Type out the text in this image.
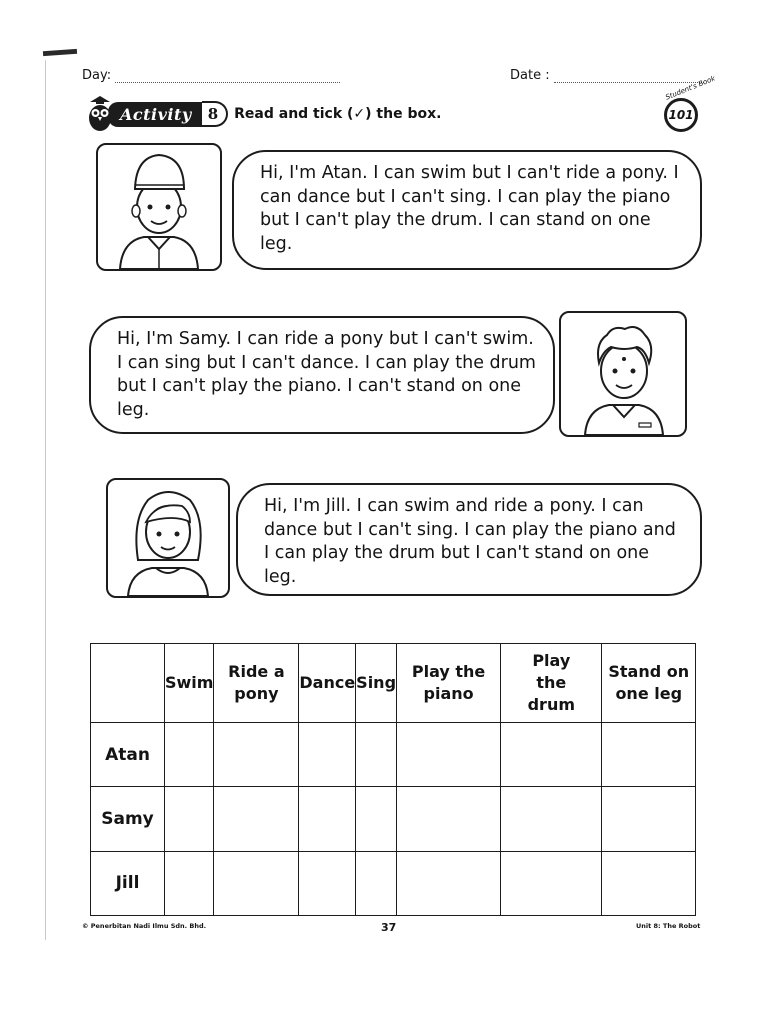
Day:	Date :
Activity	8	Read and tick (✓) the box.
Student's Book
101
Hi, I'm Atan. I can swim but I can't ride a pony. I can dance but I can't sing. I can play the piano but I can't play the drum. I can stand on one leg.
Hi, I'm Samy. I can ride a pony but I can't swim. I can sing but I can't dance. I can play the drum but I can't play the piano. I can't stand on one leg.
Hi, I'm Jill. I can swim and ride a pony. I can dance but I can't sing. I can play the piano and I can play the drum but I can't stand on one leg.
	Swim	Ride a pony	Dance	Sing	Play the piano	Play the drum	Stand on one leg
Atan							
Samy							
Jill							
© Penerbitan Nadi Ilmu Sdn. Bhd.	37	Unit 8: The Robot
